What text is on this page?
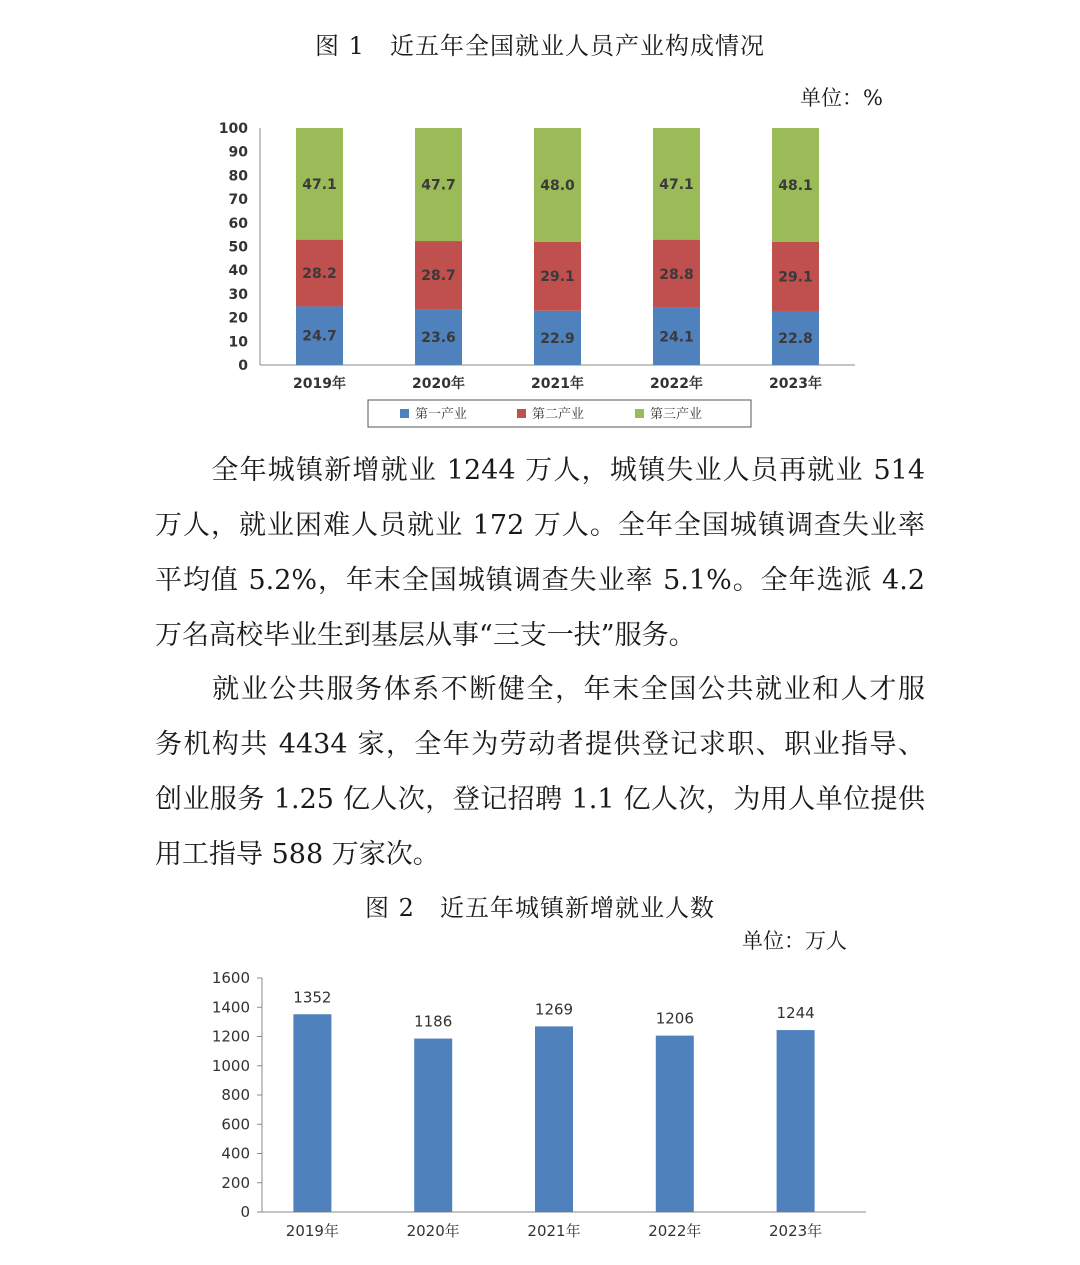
图 1　近五年全国就业人员产业构成情况
单位：%
0
10
20
30
40
50
60
70
80
90
100
24.7
28.2
47.1
2019年
23.6
28.7
47.7
2020年
22.9
29.1
48.0
2021年
24.1
28.8
47.1
2022年
22.8
29.1
48.1
2023年
第一产业	第二产业	第三产业
　　全年城镇新增就业 1244 万人，城镇失业人员再就业 514
万人，就业困难人员就业 172 万人。全年全国城镇调查失业率
平均值 5.2%，年末全国城镇调查失业率 5.1%。全年选派 4.2
万名高校毕业生到基层从事“三支一扶”服务。
　　就业公共服务体系不断健全，年末全国公共就业和人才服
务机构共 4434 家，全年为劳动者提供登记求职、职业指导、
创业服务 1.25 亿人次，登记招聘 1.1 亿人次，为用人单位提供
用工指导 588 万家次。
图 2　近五年城镇新增就业人数
单位：万人
0
200
400
600
800
1000
1200
1400
1600
1352
2019年
1186
2020年
1269
2021年
1206
2022年
1244
2023年
